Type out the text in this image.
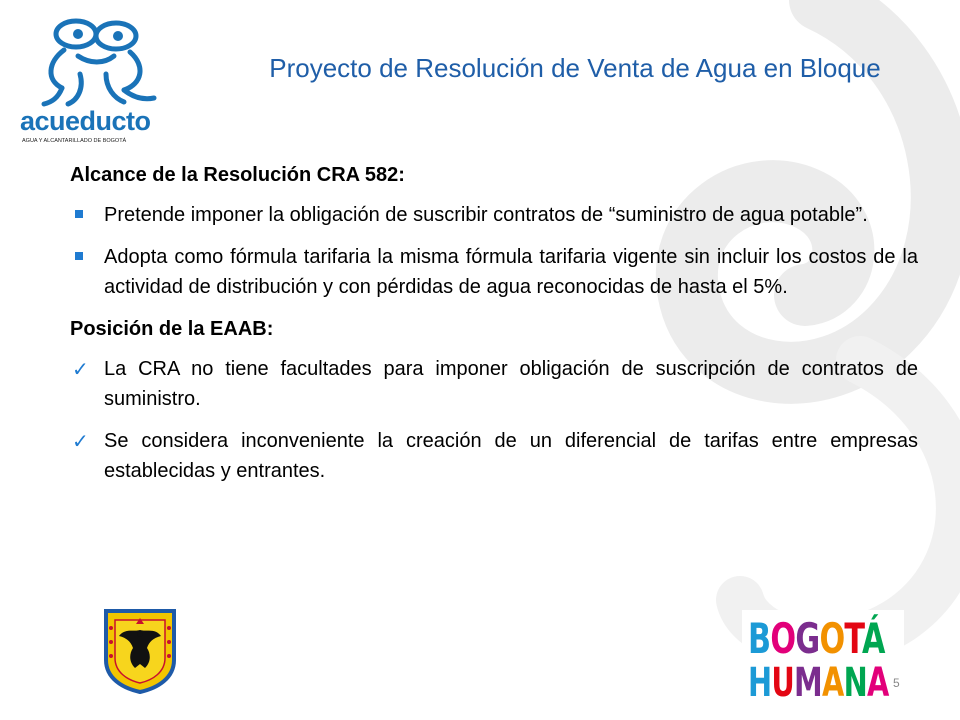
acueducto
AGUA Y ALCANTARILLADO DE BOGOTÁ
Proyecto de Resolución de Venta de Agua en Bloque
Alcance de la Resolución CRA 582:
Pretende imponer la obligación de suscribir contratos de “suministro de agua potable”.
Adopta como fórmula tarifaria la misma fórmula tarifaria vigente sin incluir los costos de la actividad de distribución y con pérdidas de agua reconocidas de hasta el 5%.
Posición de la EAAB:
✓ La CRA no tiene facultades para imponer obligación de suscripción de contratos de suministro.
✓ Se considera inconveniente la creación de un diferencial de tarifas entre empresas establecidas y entrantes.
BOGOTÁ
HUMANA 5
